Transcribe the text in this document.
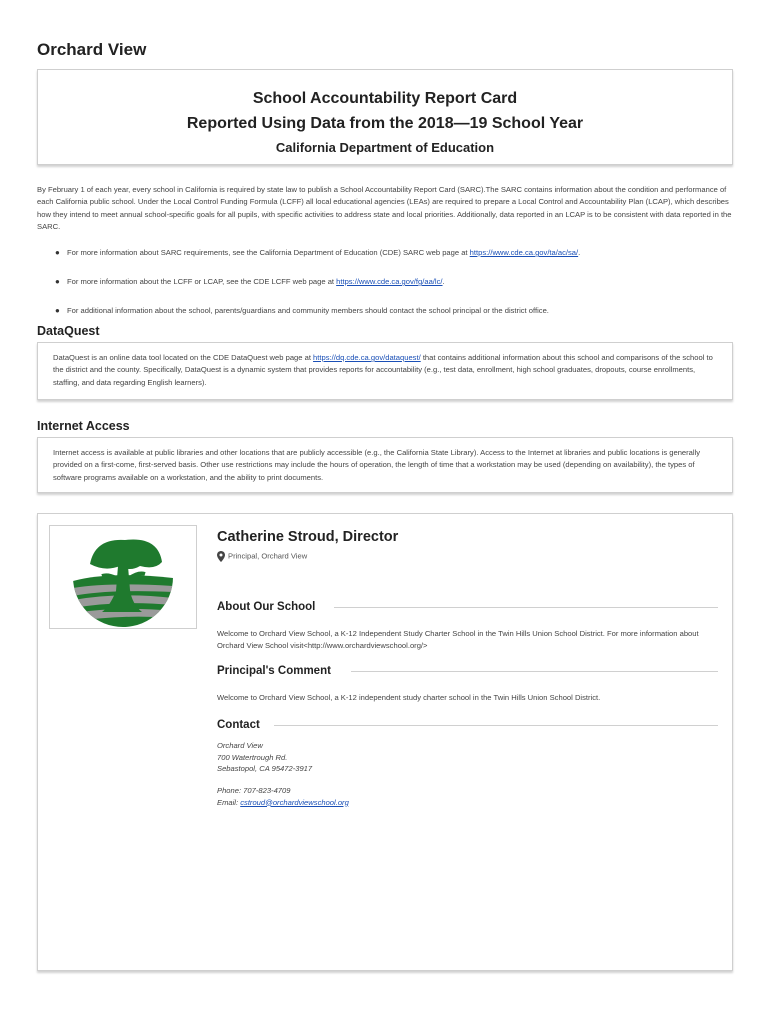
Orchard View
School Accountability Report Card
Reported Using Data from the 2018—19 School Year
California Department of Education

By February 1 of each year, every school in California is required by state law to publish a School Accountability Report Card (SARC).The SARC contains information about the condition and performance of each California public school. Under the Local Control Funding Formula (LCFF) all local educational agencies (LEAs) are required to prepare a Local Control and Accountability Plan (LCAP), which describes how they intend to meet annual school-specific goals for all pupils, with specific activities to address state and local priorities. Additionally, data reported in an LCAP is to be consistent with data reported in the SARC.

● For more information about SARC requirements, see the California Department of Education (CDE) SARC web page at https://www.cde.ca.gov/ta/ac/sa/.
● For more information about the LCFF or LCAP, see the CDE LCFF web page at https://www.cde.ca.gov/fg/aa/lc/.
● For additional information about the school, parents/guardians and community members should contact the school principal or the district office.
DataQuest
DataQuest is an online data tool located on the CDE DataQuest web page at https://dq.cde.ca.gov/dataquest/ that contains additional information about this school and comparisons of the school to the district and the county. Specifically, DataQuest is a dynamic system that provides reports for accountability (e.g., test data, enrollment, high school graduates, dropouts, course enrollments, staffing, and data regarding English learners).
Internet Access
Internet access is available at public libraries and other locations that are publicly accessible (e.g., the California State Library). Access to the Internet at libraries and public locations is generally provided on a first-come, first-served basis. Other use restrictions may include the hours of operation, the length of time that a workstation may be used (depending on availability), the types of software programs available on a workstation, and the ability to print documents.
Catherine Stroud, Director
Principal, Orchard View
About Our School

Welcome to Orchard View School, a K-12 Independent Study Charter School in the Twin Hills Union School District. For more information about Orchard View School visit<http://www.orchardviewschool.org/>

Principal's Comment

Welcome to Orchard View School, a K-12 independent study charter school in the Twin Hills Union School District.

Contact
Orchard View
700 Watertrough Rd.
Sebastopol, CA 95472-3917
Phone: 707-823-4709
Email: cstroud@orchardviewschool.org
